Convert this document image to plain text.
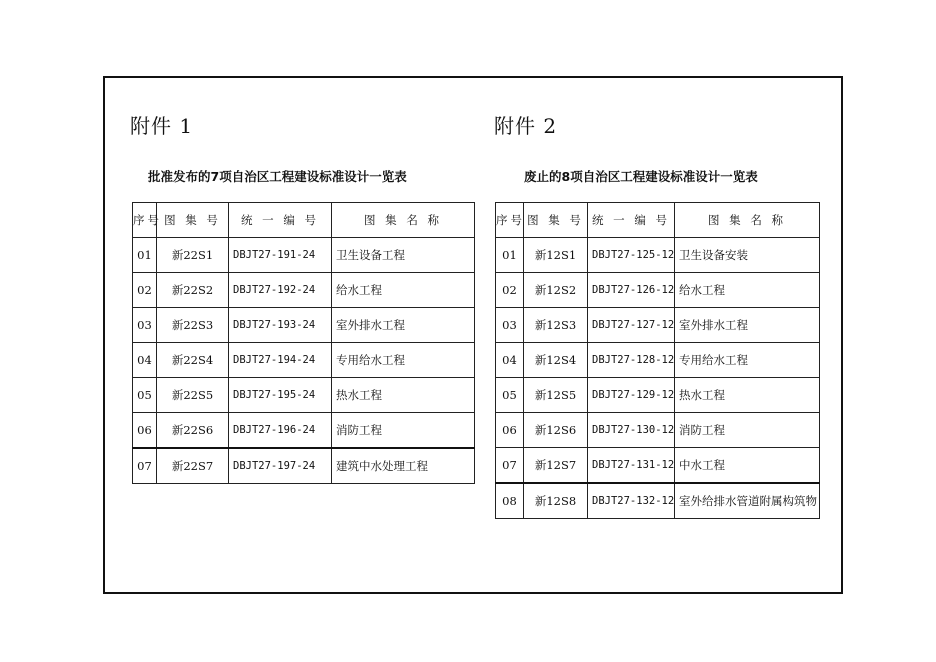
附件 1
批准发布的7项自治区工程建设标准设计一览表
序号	图 集 号	统 一 编 号	图 集 名 称
01	新22S1	DBJT27-191-24	卫生设备工程
02	新22S2	DBJT27-192-24	给水工程
03	新22S3	DBJT27-193-24	室外排水工程
04	新22S4	DBJT27-194-24	专用给水工程
05	新22S5	DBJT27-195-24	热水工程
06	新22S6	DBJT27-196-24	消防工程
07	新22S7	DBJT27-197-24	建筑中水处理工程
附件 2
废止的8项自治区工程建设标准设计一览表
序号	图 集 号	统 一 编 号	图 集 名 称
01	新12S1	DBJT27-125-12	卫生设备安装
02	新12S2	DBJT27-126-12	给水工程
03	新12S3	DBJT27-127-12	室外排水工程
04	新12S4	DBJT27-128-12	专用给水工程
05	新12S5	DBJT27-129-12	热水工程
06	新12S6	DBJT27-130-12	消防工程
07	新12S7	DBJT27-131-12	中水工程
08	新12S8	DBJT27-132-12	室外给排水管道附属构筑物
